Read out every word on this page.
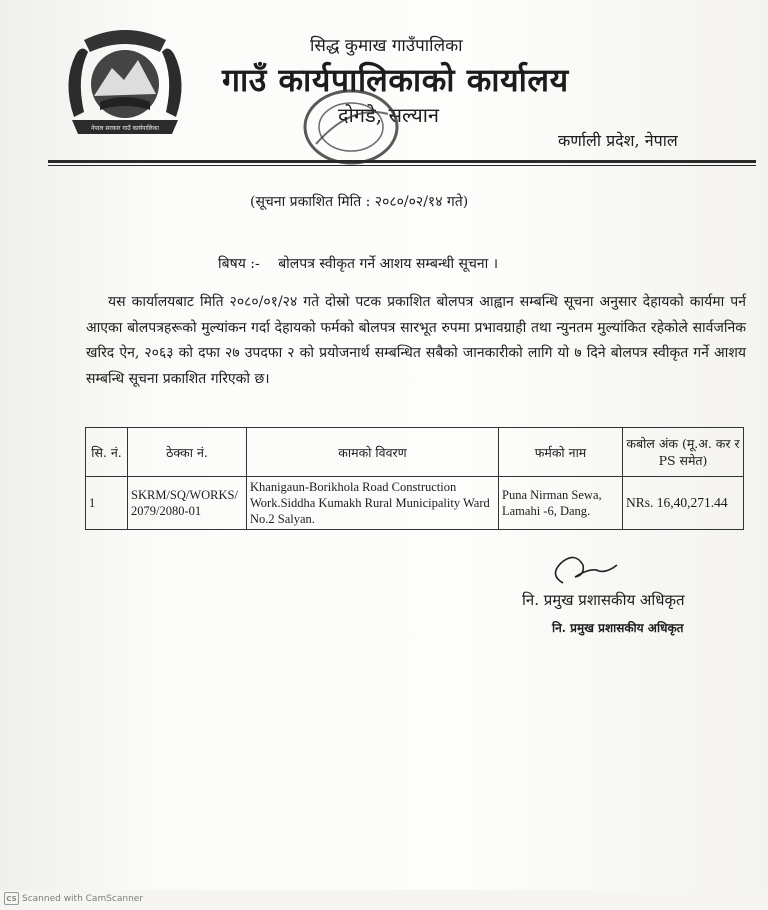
नेपाल सरकार गाउँ कार्यपालिका
सिद्ध कुमाख गाउँपालिका
गाउँ कार्यपालिकाको कार्यालय
दोगडे, सल्यान
कर्णाली प्रदेश, नेपाल
(सूचना प्रकाशित मिति : २०८०/०२/१४ गते)
बिषय :- बोलपत्र स्वीकृत गर्ने आशय सम्बन्धी सूचना ।
यस कार्यालयबाट मिति २०८०/०१/२४ गते दोस्रो पटक प्रकाशित बोलपत्र आह्वान सम्बन्धि सूचना अनुसार देहायको कार्यमा पर्न आएका बोलपत्रहरूको मुल्यांकन गर्दा देहायको फर्मको बोलपत्र सारभूत रुपमा प्रभावग्राही तथा न्युनतम मुल्यांकित रहेकोले सार्वजनिक खरिद ऐन, २०६३ को दफा २७ उपदफा २ को प्रयोजनार्थ सम्बन्धित सबैको जानकारीको लागि यो ७ दिने बोलपत्र स्वीकृत गर्ने आशय सम्बन्धि सूचना प्रकाशित गरिएको छ।
सि. नं.	ठेक्का नं.	कामको विवरण	फर्मको नाम	कबोल अंक (मू.अ. कर र PS समेत)
1	SKRM/SQ/WORKS/2079/2080-01	Khanigaun-Borikhola Road Construction Work.Siddha Kumakh Rural Municipality Ward No.2 Salyan.	Puna Nirman Sewa, Lamahi -6, Dang.	NRs. 16,40,271.44
नि. प्रमुख प्रशासकीय अधिकृत
नि. प्रमुख प्रशासकीय अधिकृत
CS Scanned with CamScanner
